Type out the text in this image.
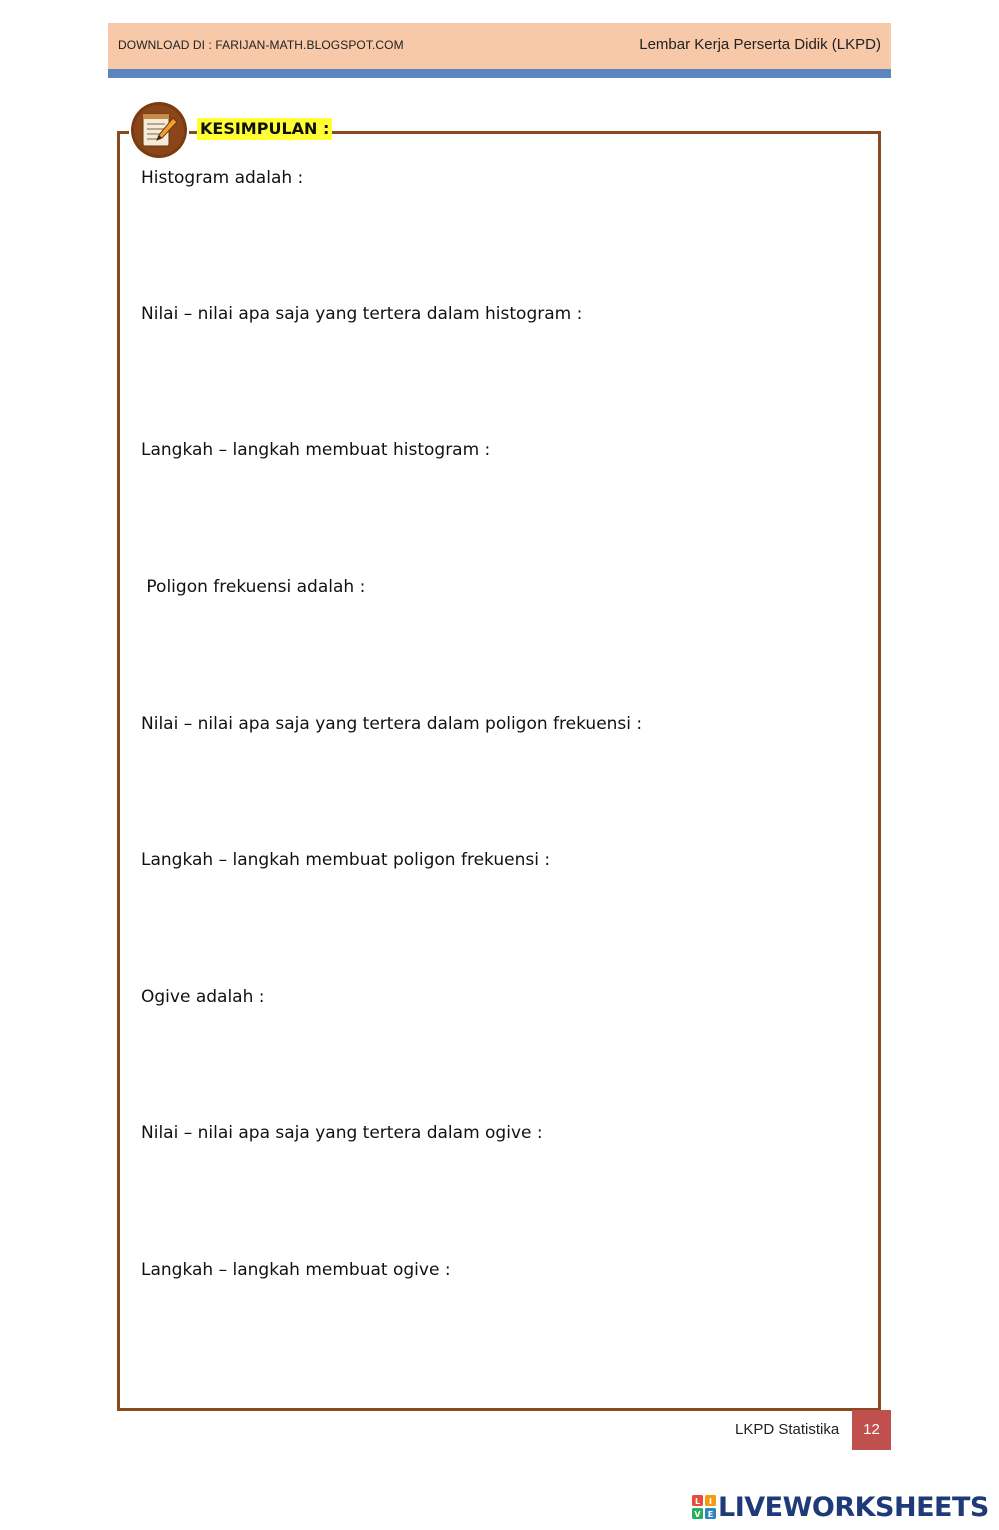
DOWNLOAD DI : FARIJAN-MATH.BLOGSPOT.COM	Lembar Kerja Perserta Didik (LKPD)
KESIMPULAN :
Histogram adalah :
Nilai – nilai apa saja yang tertera dalam histogram :
Langkah – langkah membuat histogram :
Poligon frekuensi adalah :
Nilai – nilai apa saja yang tertera dalam poligon frekuensi :
Langkah – langkah membuat poligon frekuensi :
Ogive adalah :
Nilai – nilai apa saja yang tertera dalam ogive :
Langkah – langkah membuat ogive :
LKPD Statistika	12
L I
V E LIVEWORKSHEETS
